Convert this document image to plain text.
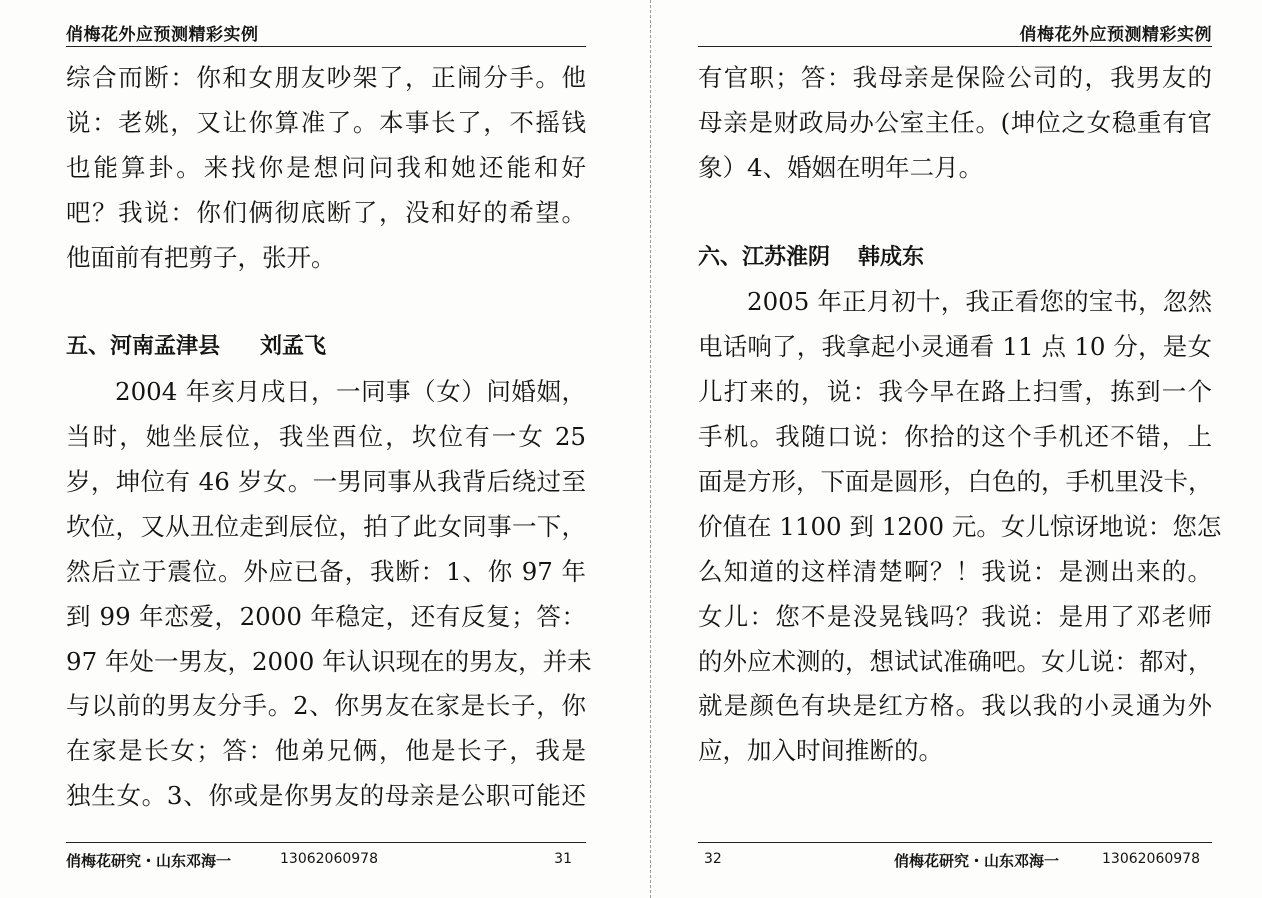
俏梅花外应预测精彩实例
综合而断：你和女朋友吵架了，正闹分手。他
说：老姚，又让你算准了。本事长了，不摇钱
也能算卦。来找你是想问问我和她还能和好
吧？我说：你们俩彻底断了，没和好的希望。
他面前有把剪子，张开。
五、河南孟津县 刘孟飞
2004 年亥月戌日，一同事（女）问婚姻，
当时，她坐辰位，我坐酉位，坎位有一女 25
岁，坤位有 46 岁女。一男同事从我背后绕过至
坎位，又从丑位走到辰位，拍了此女同事一下，
然后立于震位。外应已备，我断：1、你 97 年
到 99 年恋爱，2000 年稳定，还有反复；答：
97 年处一男友，2000 年认识现在的男友，并未
与以前的男友分手。2、你男友在家是长子，你
在家是长女；答：他弟兄俩，他是长子，我是
独生女。3、你或是你男友的母亲是公职可能还
俏梅花研究・山东邓海一	13062060978	31
俏梅花外应预测精彩实例
有官职；答：我母亲是保险公司的，我男友的
母亲是财政局办公室主任。(坤位之女稳重有官
象）4、婚姻在明年二月。
六、江苏淮阴 韩成东
2005 年正月初十，我正看您的宝书，忽然
电话响了，我拿起小灵通看 11 点 10 分，是女
儿打来的，说：我今早在路上扫雪，拣到一个
手机。我随口说：你拾的这个手机还不错，上
面是方形，下面是圆形，白色的，手机里没卡，
价值在 1100 到 1200 元。女儿惊讶地说：您怎
么知道的这样清楚啊？！我说：是测出来的。
女儿：您不是没晃钱吗？我说：是用了邓老师
的外应术测的，想试试准确吧。女儿说：都对，
就是颜色有块是红方格。我以我的小灵通为外
应，加入时间推断的。
32	俏梅花研究・山东邓海一	13062060978
